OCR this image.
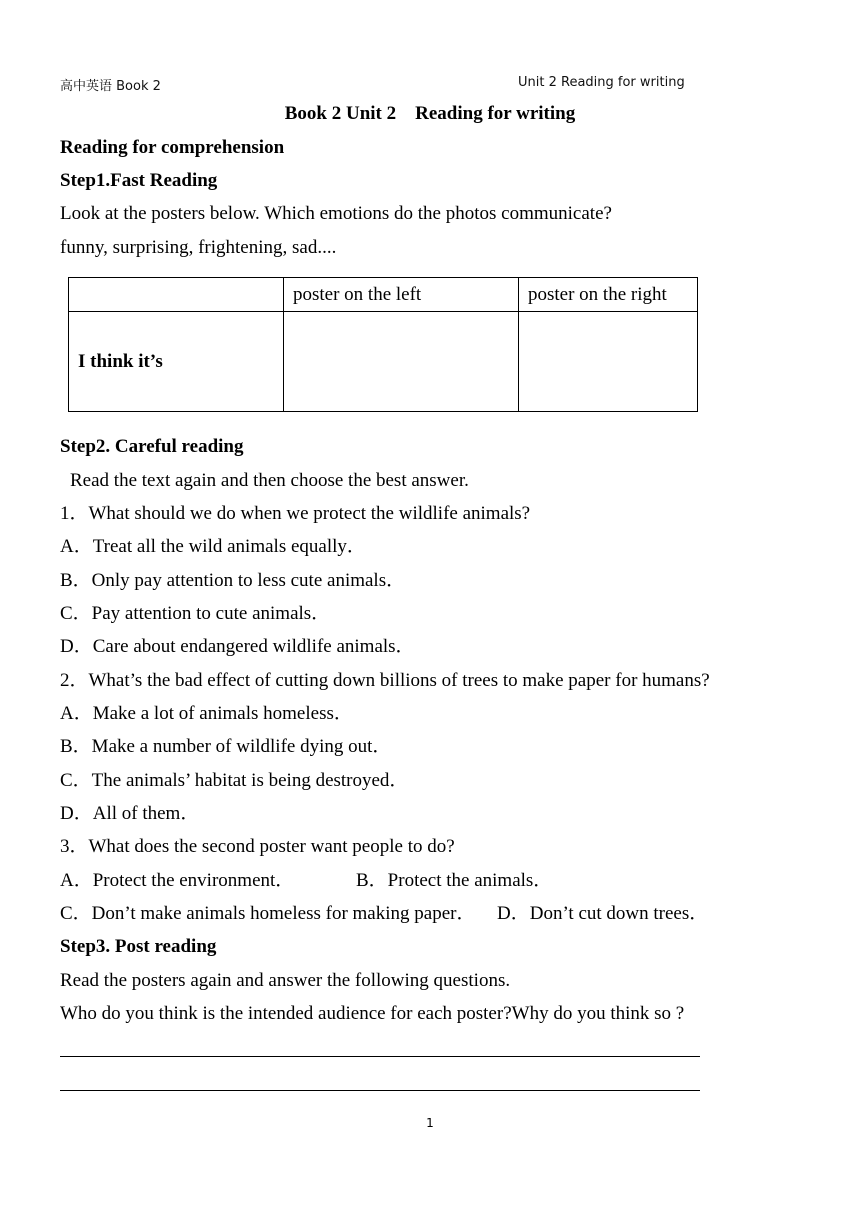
高中英语 Book 2	Unit 2 Reading for writing
Book 2 Unit 2    Reading for writing
Reading for comprehension
Step1.Fast Reading
Look at the posters below. Which emotions do the photos communicate?
funny, surprising, frightening, sad....
	poster on the left	poster on the right
I think it’s		
Step2. Careful reading
Read the text again and then choose the best answer.
1．What should we do when we protect the wildlife animals?
A．Treat all the wild animals equally．
B．Only pay attention to less cute animals．
C．Pay attention to cute animals．
D．Care about endangered wildlife animals．
2．What’s the bad effect of cutting down billions of trees to make paper for humans?
A．Make a lot of animals homeless．
B．Make a number of wildlife dying out．
C．The animals’ habitat is being destroyed．
D．All of them．
3．What does the second poster want people to do?
A．Protect the environment．	B．Protect the animals．
C．Don’t make animals homeless for making paper． D．Don’t cut down trees．
Step3. Post reading
Read the posters again and answer the following questions.
Who do you think is the intended audience for each poster?Why do you think so ?
1
